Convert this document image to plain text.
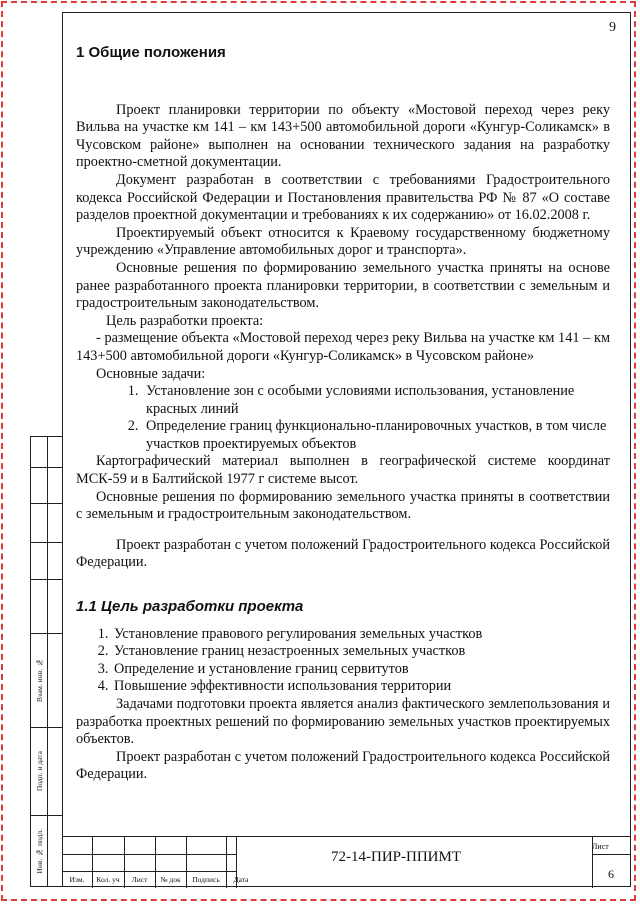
9
Взам. инв. №
Подп. и дата
Инв. № подл.
1 Общие положения

Проект планировки территории по объекту «Мостовой переход через реку Вильва на участке км 141 – км 143+500 автомобильной дороги «Кунгур-Соликамск» в Чусовском районе» выполнен на основании технического задания на разработку проектно-сметной документации.

Документ разработан в соответствии с требованиями Градостроительного кодекса Российской Федерации и Постановления правительства РФ № 87 «О составе разделов проектной документации и требованиях к их содержанию» от 16.02.2008 г.

Проектируемый объект относится к Краевому государственному бюджетному учреждению «Управление автомобильных дорог и транспорта».

Основные решения по формированию земельного участка приняты на основе ранее разработанного проекта планировки территории, в соответствии с земельным и градостроительным законодательством.

Цель разработки проекта:

- размещение объекта «Мостовой переход через реку Вильва на участке км 141 – км 143+500 автомобильной дороги «Кунгур-Соликамск» в Чусовском районе»

Основные задачи:

1. Установление зон с особыми условиями использования, установление красных линий
2. Определение границ функционально-планировочных участков, в том числе участков проектируемых объектов

Картографический материал выполнен в географической системе координат МСК-59 и в Балтийской 1977 г системе высот.

Основные решения по формированию земельного участка приняты в соответствии с земельным и градостроительным законодательством.

Проект разработан с учетом положений Градостроительного кодекса Российской Федерации.

1.1 Цель разработки проекта
1. Установление правового регулирования земельных участков
2. Установление границ незастроенных земельных участков
3. Определение и установление границ сервитутов
4. Повышение эффективности использования территории

Задачами подготовки проекта является анализ фактического землепользования и разработка проектных решений по формированию земельных участков проектируемых объектов.

Проект разработан с учетом положений Градостроительного кодекса Российской Федерации.

Изм.	Кол. уч	Лист	№ док	Подпись	Дата
72-14-ПИР-ППИМТ
Лист
6
